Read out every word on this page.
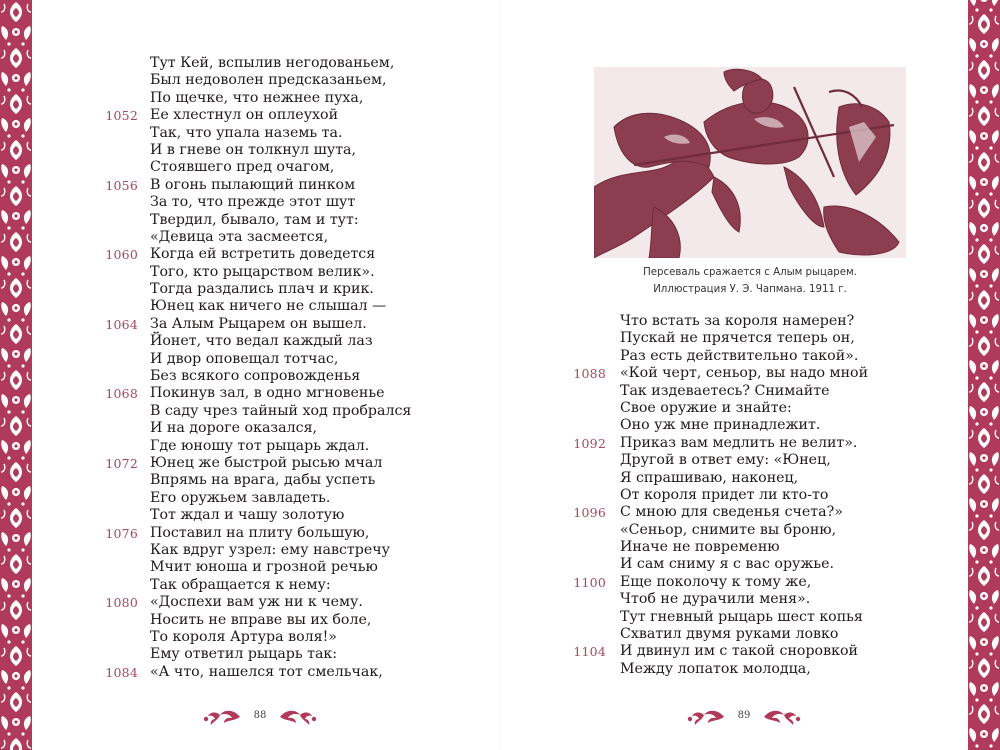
Тут Кей, вспылив негодованьем,
Был недоволен предсказаньем,
По щечке, что нежнее пуха,
1052 Ее хлестнул он оплеухой
Так, что упала наземь та.
И в гневе он толкнул шута,
Стоявшего пред очагом,
1056 В огонь пылающий пинком
За то, что прежде этот шут
Твердил, бывало, там и тут:
«Девица эта засмеется,
1060 Когда ей встретить доведется
Того, кто рыцарством велик».
Тогда раздались плач и крик.
Юнец как ничего не слышал —
1064 За Алым Рыцарем он вышел.
Йонет, что ведал каждый лаз
И двор оповещал тотчас,
Без всякого сопровожденья
1068 Покинув зал, в одно мгновенье
В саду чрез тайный ход пробрался
И на дороге оказался,
Где юношу тот рыцарь ждал.
1072 Юнец же быстрой рысью мчал
Впрямь на врага, дабы успеть
Его оружьем завладеть.
Тот ждал и чашу золотую
1076 Поставил на плиту большую,
Как вдруг узрел: ему навстречу
Мчит юноша и грозной речью
Так обращается к нему:
1080 «Доспехи вам уж ни к чему.
Носить не вправе вы их боле,
То короля Артура воля!»
Ему ответил рыцарь так:
1084 «А что, нашелся тот смельчак,
88
Персеваль сражается с Алым рыцарем.
Иллюстрация У. Э. Чапмана. 1911 г.
Что встать за короля намерен?
Пускай не прячется теперь он,
Раз есть действительно такой».
1088 «Кой черт, сеньор, вы надо мной
Так издеваетесь? Снимайте
Свое оружие и знайте:
Оно уж мне принадлежит.
1092 Приказ вам медлить не велит».
Другой в ответ ему: «Юнец,
Я спрашиваю, наконец,
От короля придет ли кто-то
1096 С мною для сведенья счета?»
«Сеньор, снимите вы броню,
Иначе не повременю
И сам сниму я с вас оружье.
1100 Еще поколочу к тому же,
Чтоб не дурачили меня».
Тут гневный рыцарь шест копья
Схватил двумя руками ловко
1104 И двинул им с такой сноровкой
Между лопаток молодца,
89
